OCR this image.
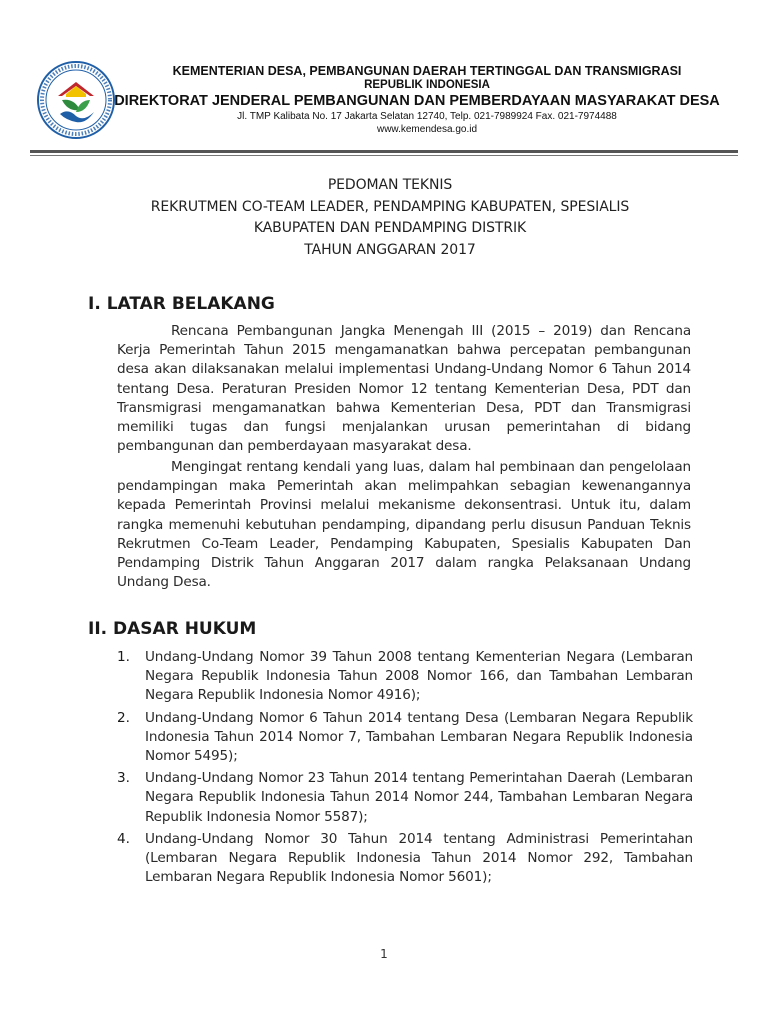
KEMENTERIAN DESA, PEMBANGUNAN DAERAH TERTINGGAL DAN TRANSMIGRASI
REPUBLIK INDONESIA
DIREKTORAT JENDERAL PEMBANGUNAN DAN PEMBERDAYAAN MASYARAKAT DESA
Jl. TMP Kalibata No. 17 Jakarta Selatan 12740, Telp. 021-7989924 Fax. 021-7974488
www.kemendesa.go.id
PEDOMAN TEKNIS
REKRUTMEN CO-TEAM LEADER, PENDAMPING KABUPATEN, SPESIALIS
KABUPATEN DAN PENDAMPING DISTRIK
TAHUN ANGGARAN 2017
I. LATAR BELAKANG
Rencana Pembangunan Jangka Menengah III (2015 – 2019) dan Rencana Kerja Pemerintah Tahun 2015 mengamanatkan bahwa percepatan pembangunan desa akan dilaksanakan melalui implementasi Undang-Undang Nomor 6 Tahun 2014 tentang Desa. Peraturan Presiden Nomor 12 tentang Kementerian Desa, PDT dan Transmigrasi mengamanatkan bahwa Kementerian Desa, PDT dan Transmigrasi memiliki tugas dan fungsi menjalankan urusan pemerintahan di bidang pembangunan dan pemberdayaan masyarakat desa.
Mengingat rentang kendali yang luas, dalam hal pembinaan dan pengelolaan pendampingan maka Pemerintah akan melimpahkan sebagian kewenangannya kepada Pemerintah Provinsi melalui mekanisme dekonsentrasi. Untuk itu, dalam rangka memenuhi kebutuhan pendamping, dipandang perlu disusun Panduan Teknis Rekrutmen Co-Team Leader, Pendamping Kabupaten, Spesialis Kabupaten Dan Pendamping Distrik Tahun Anggaran 2017 dalam rangka Pelaksanaan Undang Undang Desa.
II. DASAR HUKUM
1. Undang-Undang Nomor 39 Tahun 2008 tentang Kementerian Negara (Lembaran Negara Republik Indonesia Tahun 2008 Nomor 166, dan Tambahan Lembaran Negara Republik Indonesia Nomor 4916);
2. Undang-Undang Nomor 6 Tahun 2014 tentang Desa (Lembaran Negara Republik Indonesia Tahun 2014 Nomor 7, Tambahan Lembaran Negara Republik Indonesia Nomor 5495);
3. Undang-Undang Nomor 23 Tahun 2014 tentang Pemerintahan Daerah (Lembaran Negara Republik Indonesia Tahun 2014 Nomor 244, Tambahan Lembaran Negara Republik Indonesia Nomor 5587);
4. Undang-Undang Nomor 30 Tahun 2014 tentang Administrasi Pemerintahan (Lembaran Negara Republik Indonesia Tahun 2014 Nomor 292, Tambahan Lembaran Negara Republik Indonesia Nomor 5601);
1
